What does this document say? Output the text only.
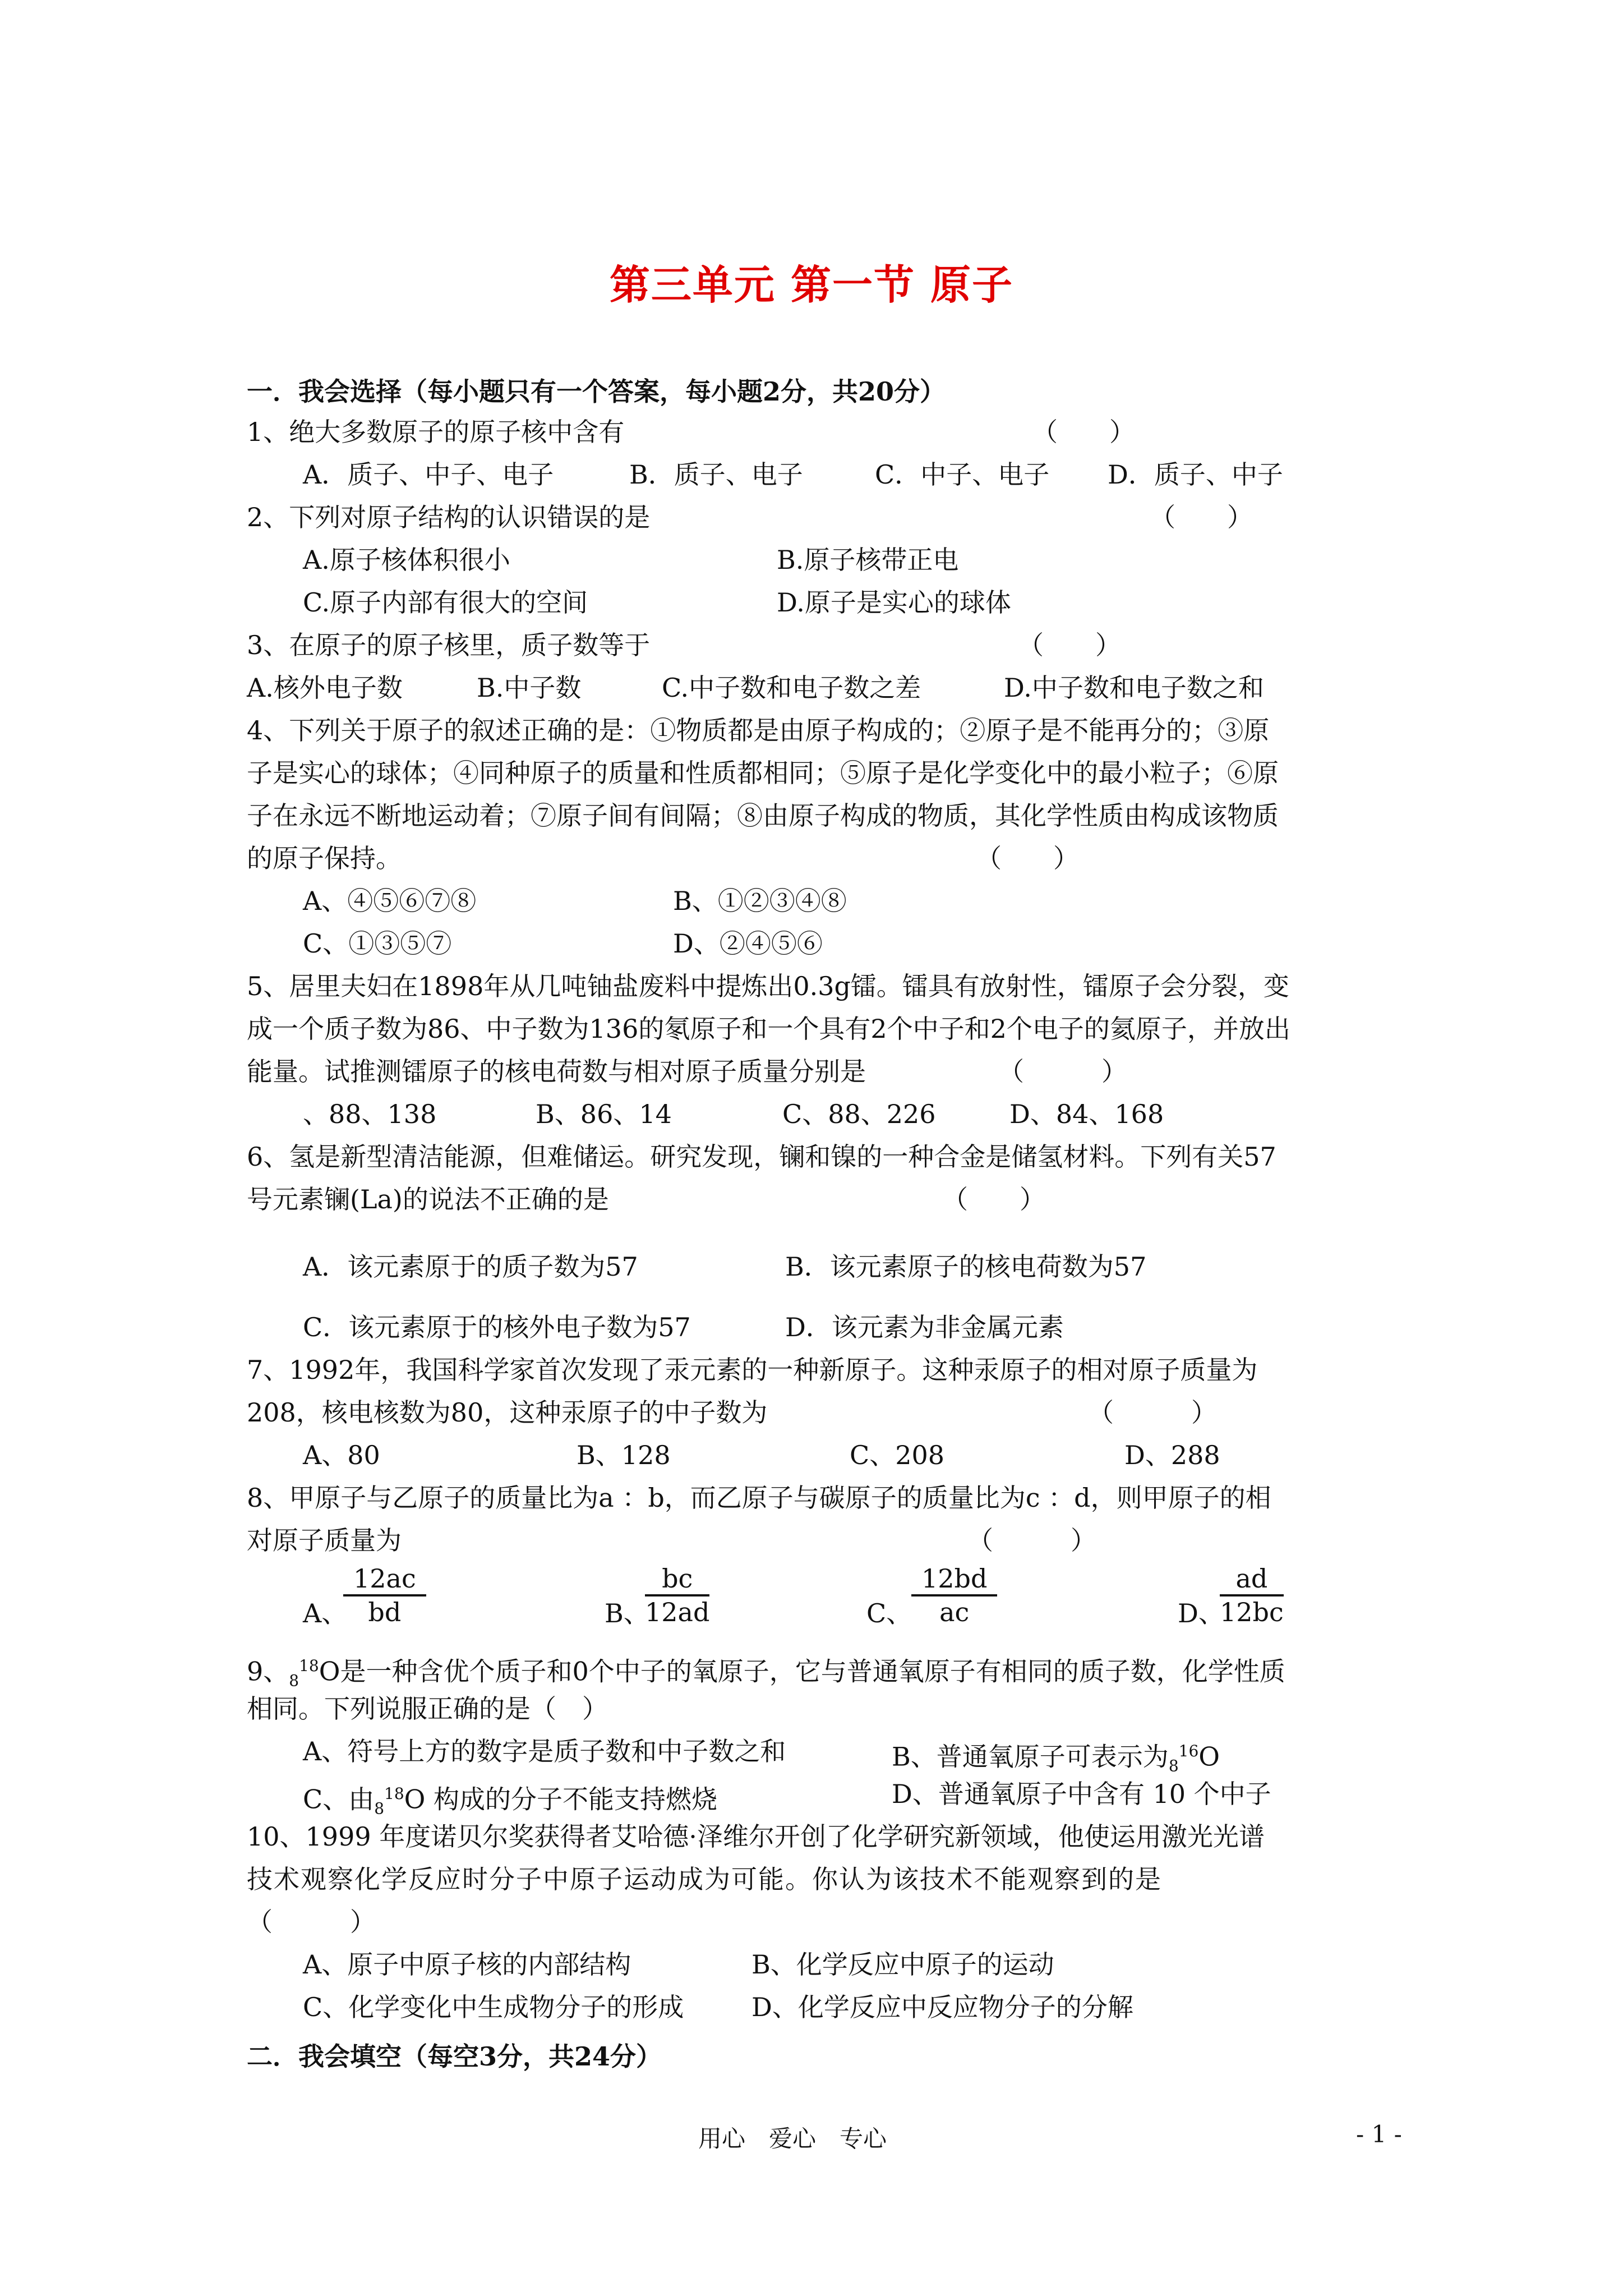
第三单元 第一节 原子
一．我会选择（每小题只有一个答案，每小题2分，共20分）
1、绝大多数原子的原子核中含有	（　　）
A．质子、中子、电子	B．质子、电子	C．中子、电子 D．质子、中子
2、下列对原子结构的认识错误的是	（　　）
A.原子核体积很小	B.原子核带正电
C.原子内部有很大的空间	D.原子是实心的球体
3、在原子的原子核里，质子数等于	（　　）
A.核外电子数	B.中子数	C.中子数和电子数之差	D.中子数和电子数之和
4、下列关于原子的叙述正确的是：①物质都是由原子构成的；②原子是不能再分的；③原
子是实心的球体；④同种原子的质量和性质都相同；⑤原子是化学变化中的最小粒子；⑥原
子在永远不断地运动着；⑦原子间有间隔；⑧由原子构成的物质，其化学性质由构成该物质
的原子保持。	（　　）
A、④⑤⑥⑦⑧	B、①②③④⑧
C、①③⑤⑦	D、②④⑤⑥
5、居里夫妇在1898年从几吨铀盐废料中提炼出0.3g镭。镭具有放射性，镭原子会分裂，变
成一个质子数为86、中子数为136的氡原子和一个具有2个中子和2个电子的氦原子，并放出
能量。试推测镭原子的核电荷数与相对原子质量分别是	（　　　）
、88、138	B、86、14	C、88、226	D、84、168
6、氢是新型清洁能源，但难储运。研究发现，镧和镍的一种合金是储氢材料。下列有关57
号元素镧(La)的说法不正确的是	（　　）
A．该元素原于的质子数为57	B．该元素原子的核电荷数为57
C．该元素原于的核外电子数为57	D．该元素为非金属元素
7、1992年，我国科学家首次发现了汞元素的一种新原子。这种汞原子的相对原子质量为
208，核电核数为80，这种汞原子的中子数为	（　　　）
A、80	B、128	C、208	D、288
8、甲原子与乙原子的质量比为a ：b，而乙原子与碳原子的质量比为c ：d，则甲原子的相
对原子质量为	（　　　）
A、
$\frac{12ac}{bd}$	B、
$\frac{bc}{12ad}$	C、
$\frac{12bd}{ac}$	D、
$\frac{ad}{12bc}$
9、$_8^{18}$O是一种含优个质子和0个中子的氧原子，它与普通氧原子有相同的质子数，化学性质
相同。下列说服正确的是（　）
A、符号上方的数字是质子数和中子数之和	B、普通氧原子可表示为$_8^{16}$O
C、由$_8^{18}$O 构成的分子不能支持燃烧	D、普通氧原子中含有 10 个中子
10、1999 年度诺贝尔奖获得者艾哈德·泽维尔开创了化学研究新领域，他使运用激光光谱
技术观察化学反应时分子中原子运动成为可能。你认为该技术不能观察到的是
（　　　）
A、原子中原子核的内部结构	B、化学反应中原子的运动
C、化学变化中生成物分子的形成	D、化学反应中反应物分子的分解
二．我会填空（每空3分，共24分）
用心　爱心　专心	- 1 -
